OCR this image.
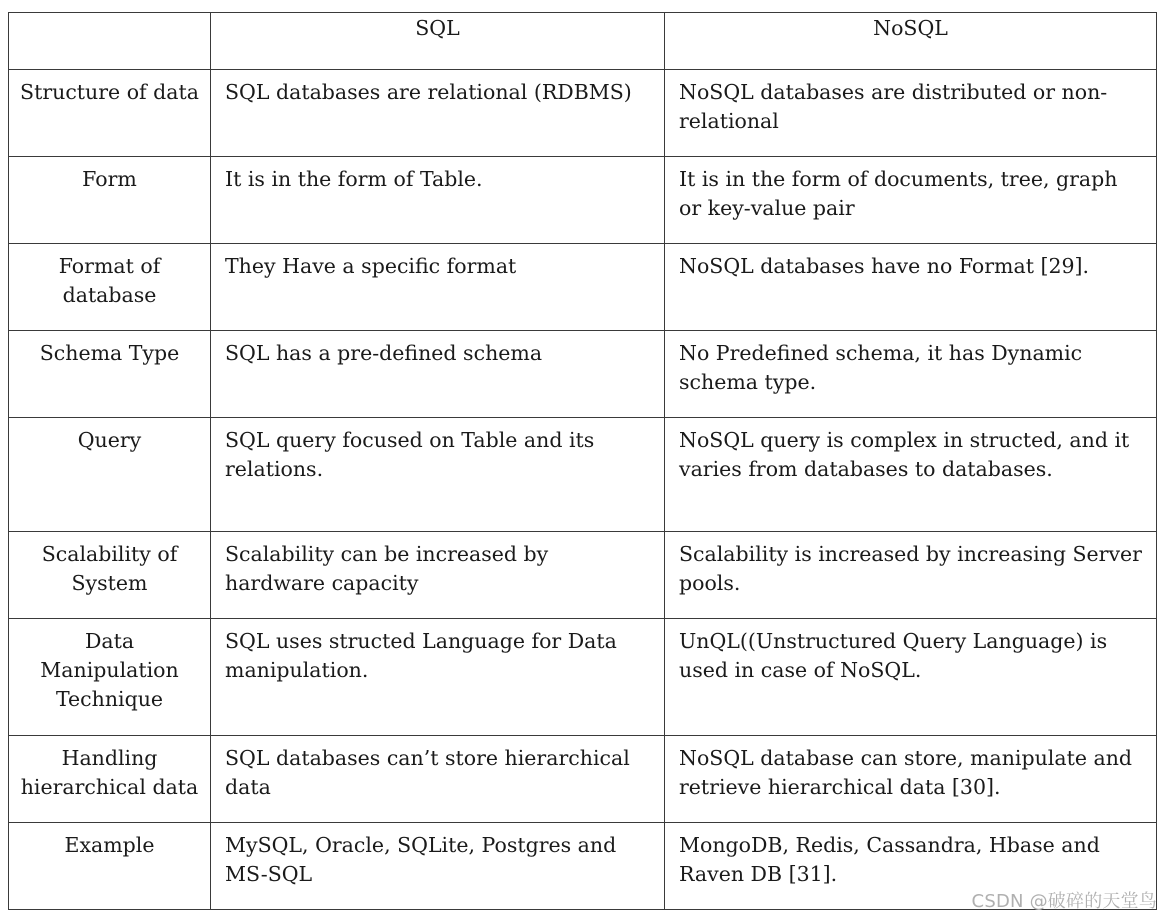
	SQL	NoSQL
Structure of data	SQL databases are relational (RDBMS)	NoSQL databases are distributed or non-relational
Form	It is in the form of Table.	It is in the form of documents, tree, graph or key-value pair
Format of database	They Have a specific format	NoSQL databases have no Format [29].
Schema Type	SQL has a pre-defined schema	No Predefined schema, it has Dynamic schema type.
Query	SQL query focused on Table and its relations.	NoSQL query is complex in structed, and it varies from databases to databases.
Scalability of System	Scalability can be increased by hardware capacity	Scalability is increased by increasing Server pools.
Data Manipulation Technique	SQL uses structed Language for Data manipulation.	UnQL((Unstructured Query Language) is used in case of NoSQL.
Handling hierarchical data	SQL databases can’t store hierarchical data	NoSQL database can store, manipulate and retrieve hierarchical data [30].
Example	MySQL, Oracle, SQLite, Postgres and MS-SQL	MongoDB, Redis, Cassandra, Hbase and Raven DB [31].
CSDN @破碎的天堂鸟
